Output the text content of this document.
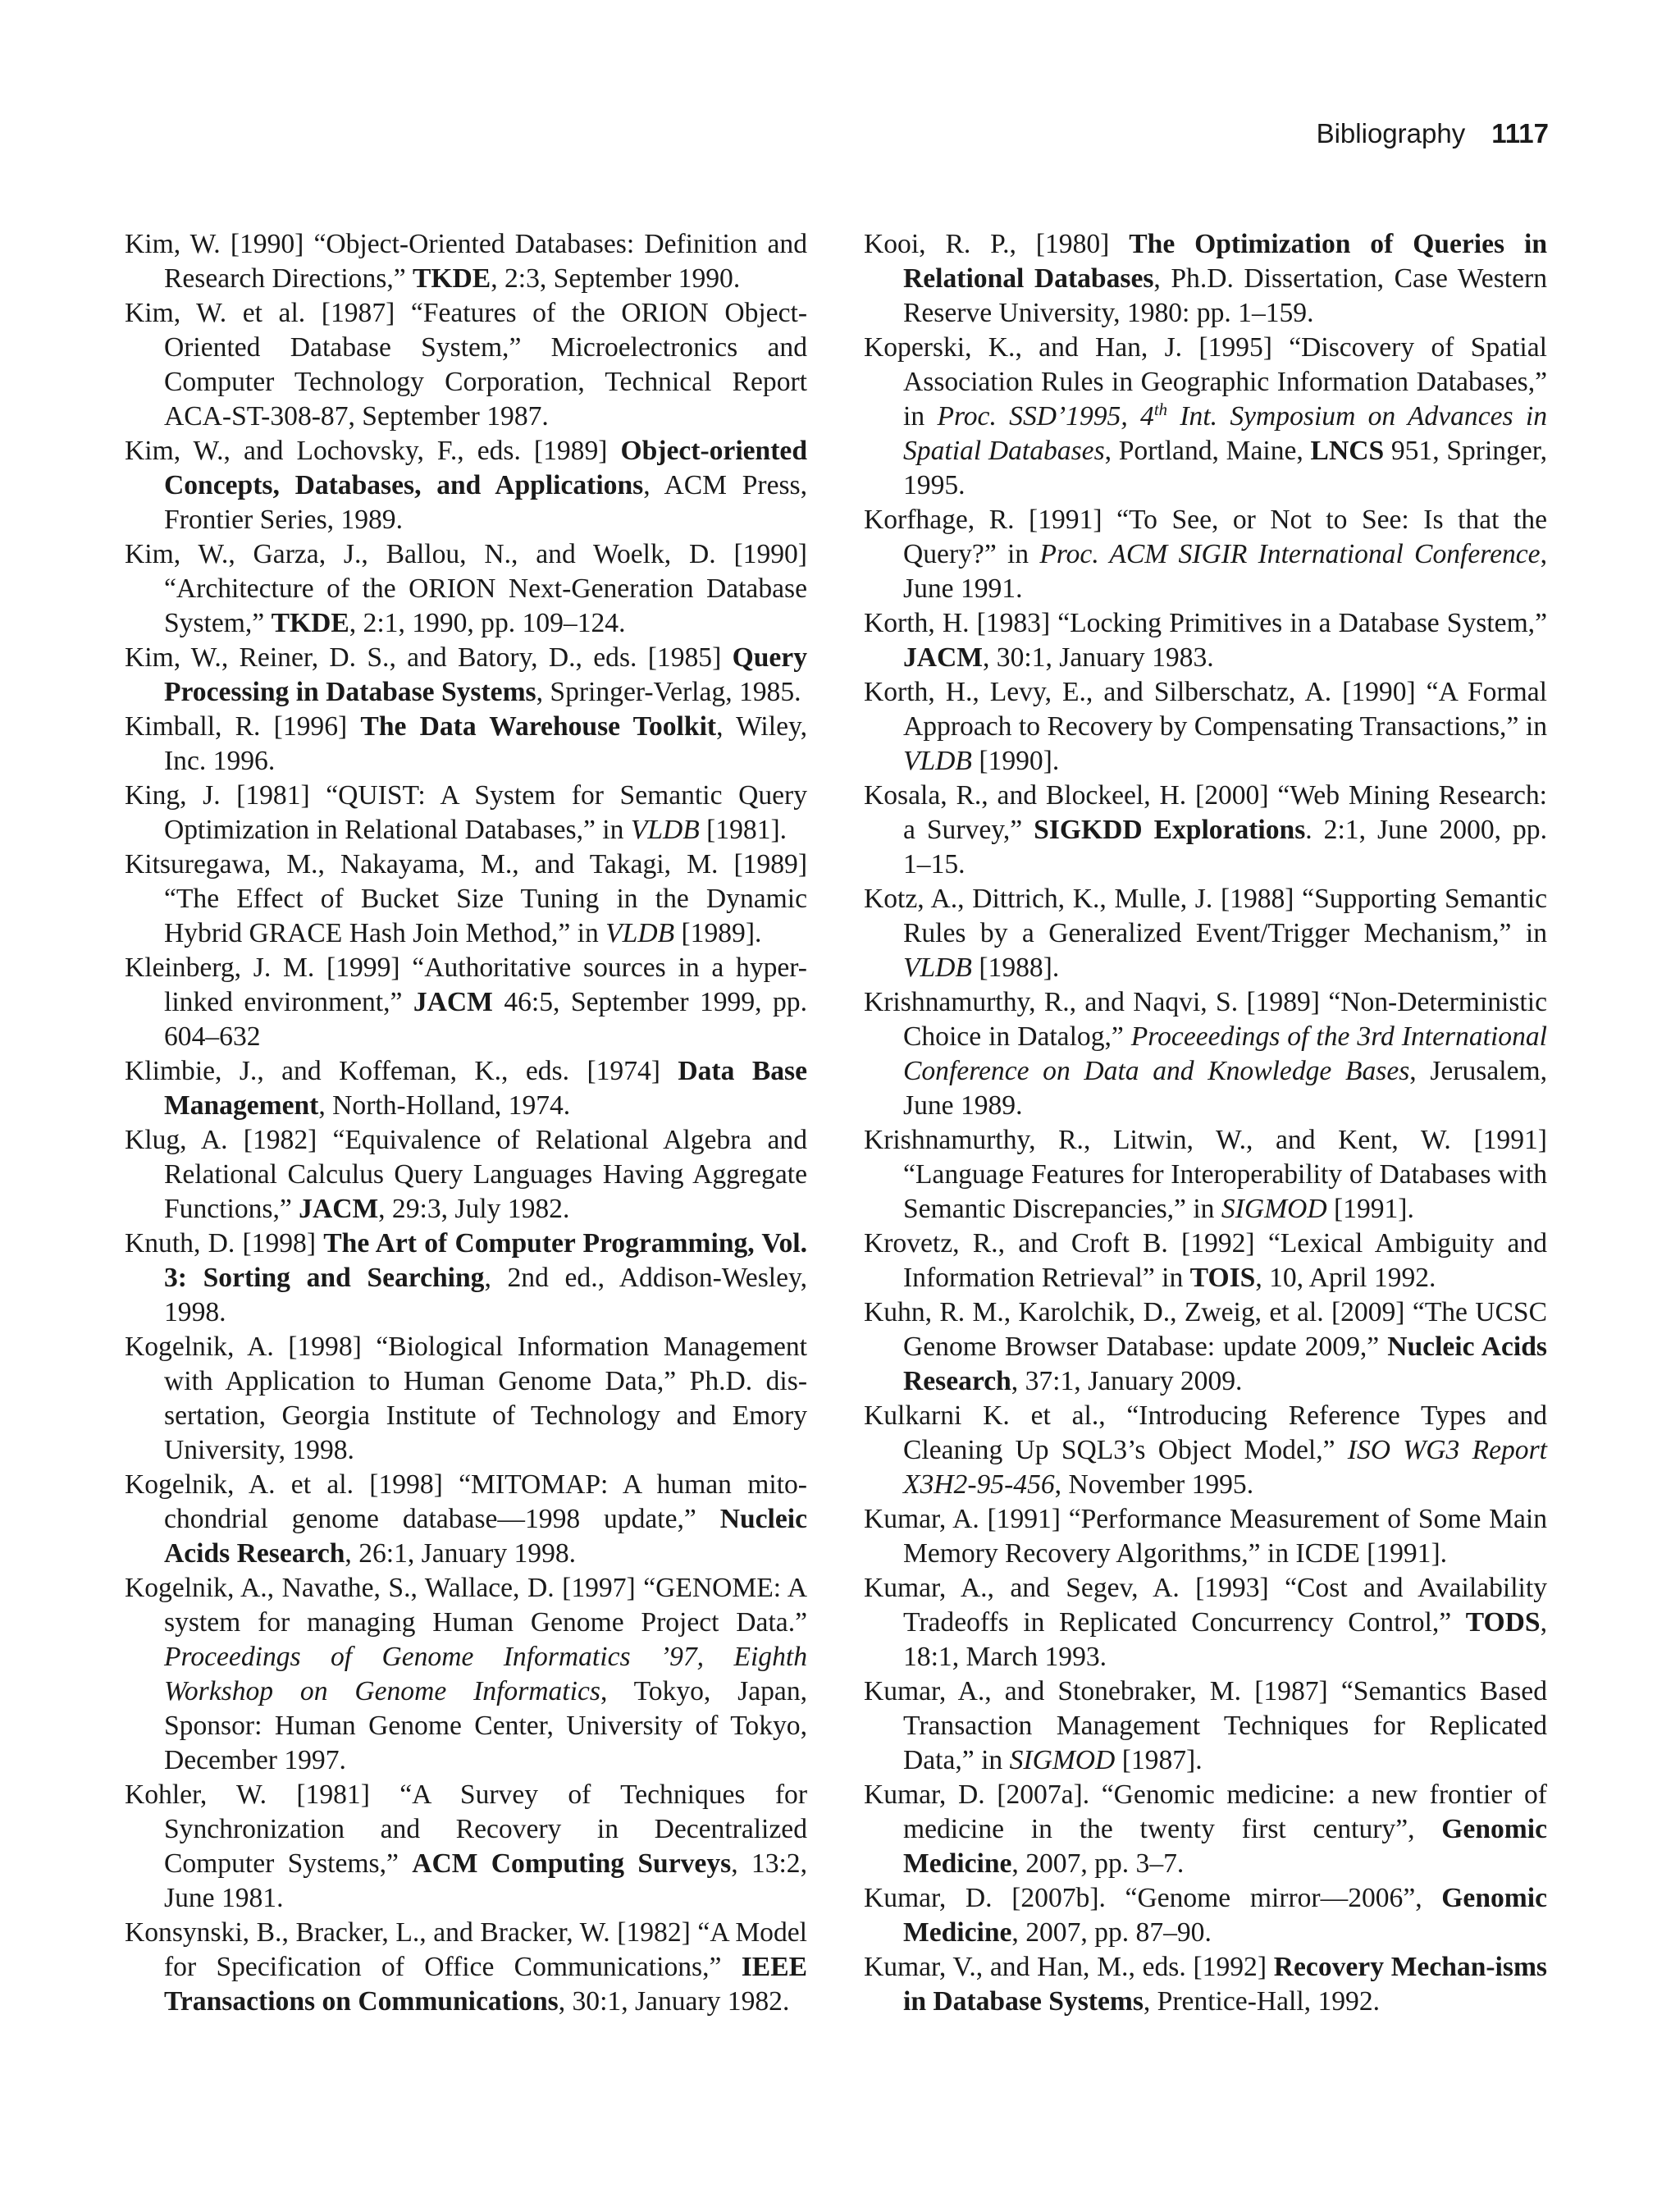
Bibliography 1117

Kim, W. [1990] “Object-Oriented Databases: Definition and Research Directions,” TKDE, 2:3, September 1990.

Kim, W. et al. [1987] “Features of the ORION Object-Oriented Database System,” Microelectronics and Computer Technology Corporation, Technical Report ACA-ST-308-87, September 1987.

Kim, W., and Lochovsky, F., eds. [1989] Object-oriented Concepts, Databases, and Applications, ACM Press, Frontier Series, 1989.

Kim, W., Garza, J., Ballou, N., and Woelk, D. [1990] “Architecture of the ORION Next-Generation Database System,” TKDE, 2:1, 1990, pp. 109–124.

Kim, W., Reiner, D. S., and Batory, D., eds. [1985] Query Processing in Database Systems, Springer-Verlag, 1985.

Kimball, R. [1996] The Data Warehouse Toolkit, Wiley, Inc. 1996.

King, J. [1981] “QUIST: A System for Semantic Query Optimization in Relational Databases,” in VLDB [1981].

Kitsuregawa, M., Nakayama, M., and Takagi, M. [1989] “The Effect of Bucket Size Tuning in the Dynamic Hybrid GRACE Hash Join Method,” in VLDB [1989].

Kleinberg, J. M. [1999] “Authoritative sources in a hyper-linked environment,” JACM 46:5, September 1999, pp. 604–632

Klimbie, J., and Koffeman, K., eds. [1974] Data Base Management, North-Holland, 1974.

Klug, A. [1982] “Equivalence of Relational Algebra and Relational Calculus Query Languages Having Aggregate Functions,” JACM, 29:3, July 1982.

Knuth, D. [1998] The Art of Computer Programming, Vol. 3: Sorting and Searching, 2nd ed., Addison-Wesley, 1998.

Kogelnik, A. [1998] “Biological Information Management with Application to Human Genome Data,” Ph.D. dis-sertation, Georgia Institute of Technology and Emory University, 1998.

Kogelnik, A. et al. [1998] “MITOMAP: A human mito-chondrial genome database—1998 update,” Nucleic Acids Research, 26:1, January 1998.

Kogelnik, A., Navathe, S., Wallace, D. [1997] “GENOME: A system for managing Human Genome Project Data.” Proceedings of Genome Informatics ’97, Eighth Workshop on Genome Informatics, Tokyo, Japan, Sponsor: Human Genome Center, University of Tokyo, December 1997.

Kohler, W. [1981] “A Survey of Techniques for Synchronization and Recovery in Decentralized Computer Systems,” ACM Computing Surveys, 13:2, June 1981.

Konsynski, B., Bracker, L., and Bracker, W. [1982] “A Model for Specification of Office Communications,” IEEE Transactions on Communications, 30:1, January 1982.

Kooi, R. P., [1980] The Optimization of Queries in Relational Databases, Ph.D. Dissertation, Case Western Reserve University, 1980: pp. 1–159.

Koperski, K., and Han, J. [1995] “Discovery of Spatial Association Rules in Geographic Information Databases,” in Proc. SSD’1995, 4th Int. Symposium on Advances in Spatial Databases, Portland, Maine, LNCS 951, Springer, 1995.

Korfhage, R. [1991] “To See, or Not to See: Is that the Query?” in Proc. ACM SIGIR International Conference, June 1991.

Korth, H. [1983] “Locking Primitives in a Database System,” JACM, 30:1, January 1983.

Korth, H., Levy, E., and Silberschatz, A. [1990] “A Formal Approach to Recovery by Compensating Transactions,” in VLDB [1990].

Kosala, R., and Blockeel, H. [2000] “Web Mining Research: a Survey,” SIGKDD Explorations. 2:1, June 2000, pp. 1–15.

Kotz, A., Dittrich, K., Mulle, J. [1988] “Supporting Semantic Rules by a Generalized Event/Trigger Mechanism,” in VLDB [1988].

Krishnamurthy, R., and Naqvi, S. [1989] “Non-Deterministic Choice in Datalog,” Proceeedings of the 3rd International Conference on Data and Knowledge Bases, Jerusalem, June 1989.

Krishnamurthy, R., Litwin, W., and Kent, W. [1991] “Language Features for Interoperability of Databases with Semantic Discrepancies,” in SIGMOD [1991].

Krovetz, R., and Croft B. [1992] “Lexical Ambiguity and Information Retrieval” in TOIS, 10, April 1992.

Kuhn, R. M., Karolchik, D., Zweig, et al. [2009] “The UCSC Genome Browser Database: update 2009,” Nucleic Acids Research, 37:1, January 2009.

Kulkarni K. et al., “Introducing Reference Types and Cleaning Up SQL3’s Object Model,” ISO WG3 Report X3H2-95-456, November 1995.

Kumar, A. [1991] “Performance Measurement of Some Main Memory Recovery Algorithms,” in ICDE [1991].

Kumar, A., and Segev, A. [1993] “Cost and Availability Tradeoffs in Replicated Concurrency Control,” TODS, 18:1, March 1993.

Kumar, A., and Stonebraker, M. [1987] “Semantics Based Transaction Management Techniques for Replicated Data,” in SIGMOD [1987].

Kumar, D. [2007a]. “Genomic medicine: a new frontier of medicine in the twenty first century”, Genomic Medicine, 2007, pp. 3–7.

Kumar, D. [2007b]. “Genome mirror—2006”, Genomic Medicine, 2007, pp. 87–90.

Kumar, V., and Han, M., eds. [1992] Recovery Mechan-isms in Database Systems, Prentice-Hall, 1992.
